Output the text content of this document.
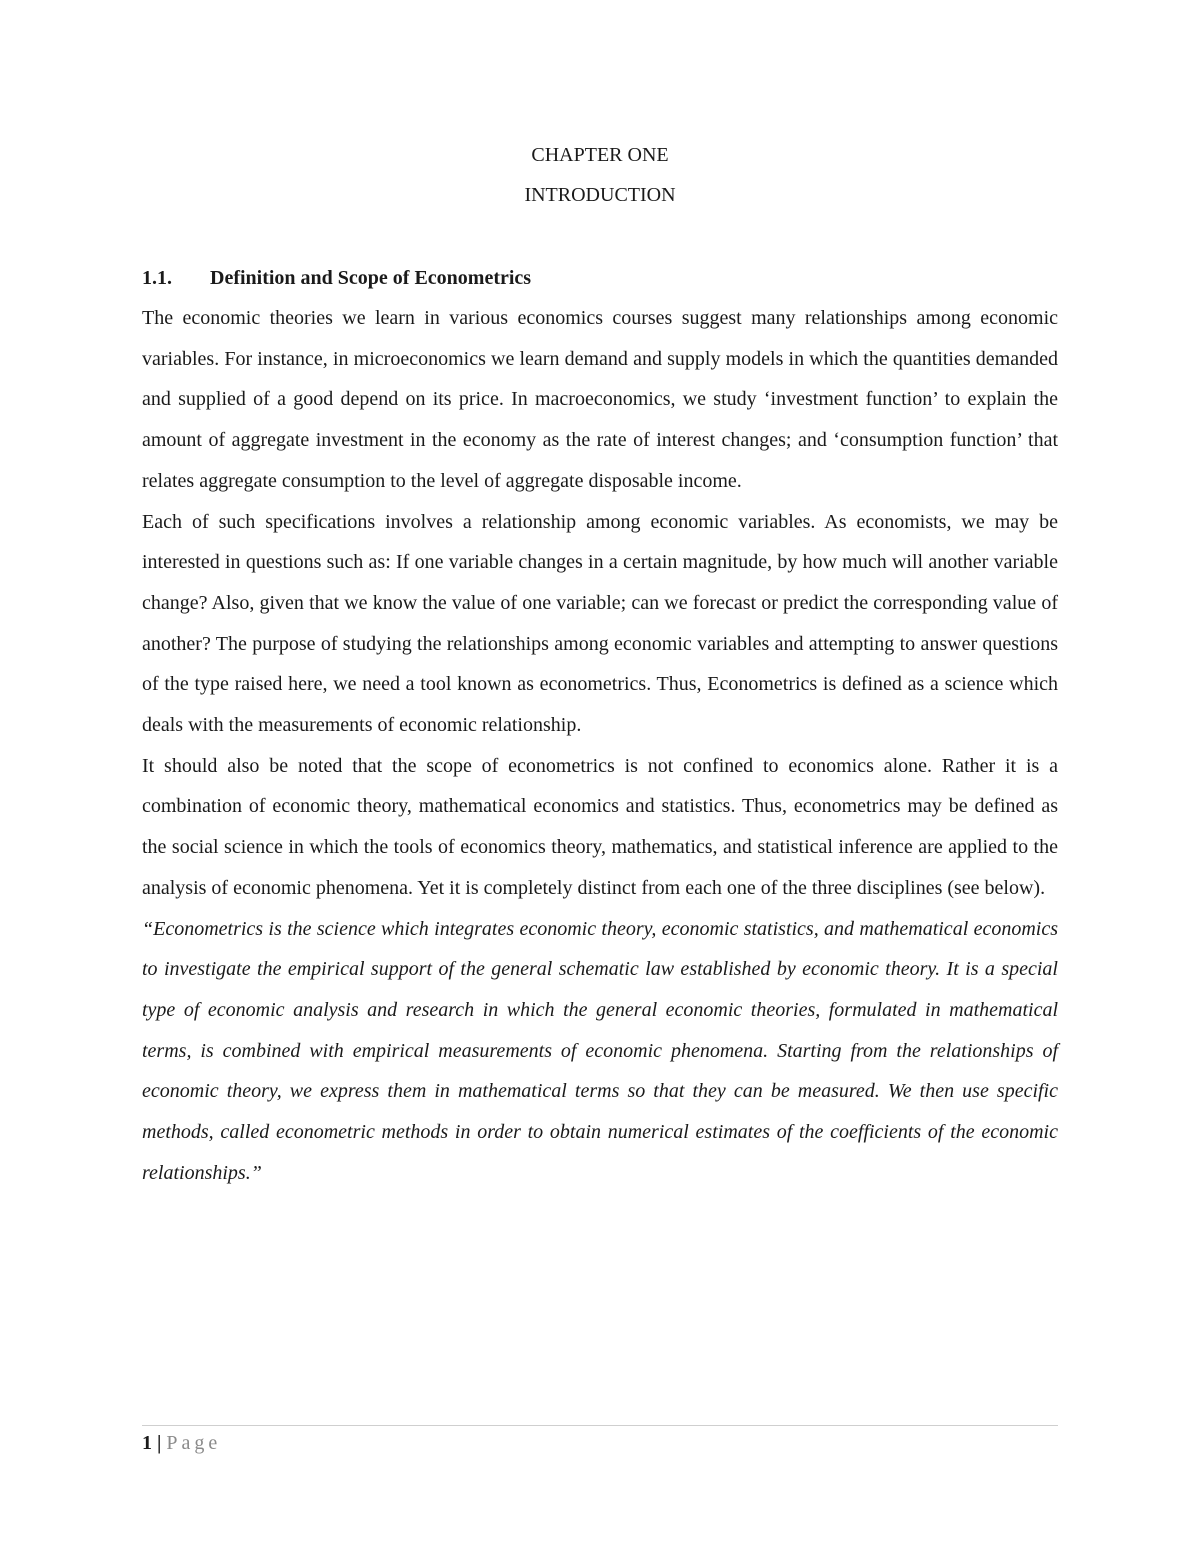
CHAPTER ONE
INTRODUCTION
1.1. Definition and Scope of Econometrics

The economic theories we learn in various economics courses suggest many relationships among economic variables. For instance, in microeconomics we learn demand and supply models in which the quantities demanded and supplied of a good depend on its price. In macroeconomics, we study ‘investment function’ to explain the amount of aggregate investment in the economy as the rate of interest changes; and ‘consumption function’ that relates aggregate consumption to the level of aggregate disposable income.

Each of such specifications involves a relationship among economic variables. As economists, we may be interested in questions such as: If one variable changes in a certain magnitude, by how much will another variable change? Also, given that we know the value of one variable; can we forecast or predict the corresponding value of another? The purpose of studying the relationships among economic variables and attempting to answer questions of the type raised here, we need a tool known as econometrics. Thus, Econometrics is defined as a science which deals with the measurements of economic relationship.

It should also be noted that the scope of econometrics is not confined to economics alone. Rather it is a combination of economic theory, mathematical economics and statistics. Thus, econometrics may be defined as the social science in which the tools of economics theory, mathematics, and statistical inference are applied to the analysis of economic phenomena. Yet it is completely distinct from each one of the three disciplines (see below).

“Econometrics is the science which integrates economic theory, economic statistics, and mathematical economics to investigate the empirical support of the general schematic law established by economic theory. It is a special type of economic analysis and research in which the general economic theories, formulated in mathematical terms, is combined with empirical measurements of economic phenomena. Starting from the relationships of economic theory, we express them in mathematical terms so that they can be measured. We then use specific methods, called econometric methods in order to obtain numerical estimates of the coefficients of the economic relationships.”

1 | Page
